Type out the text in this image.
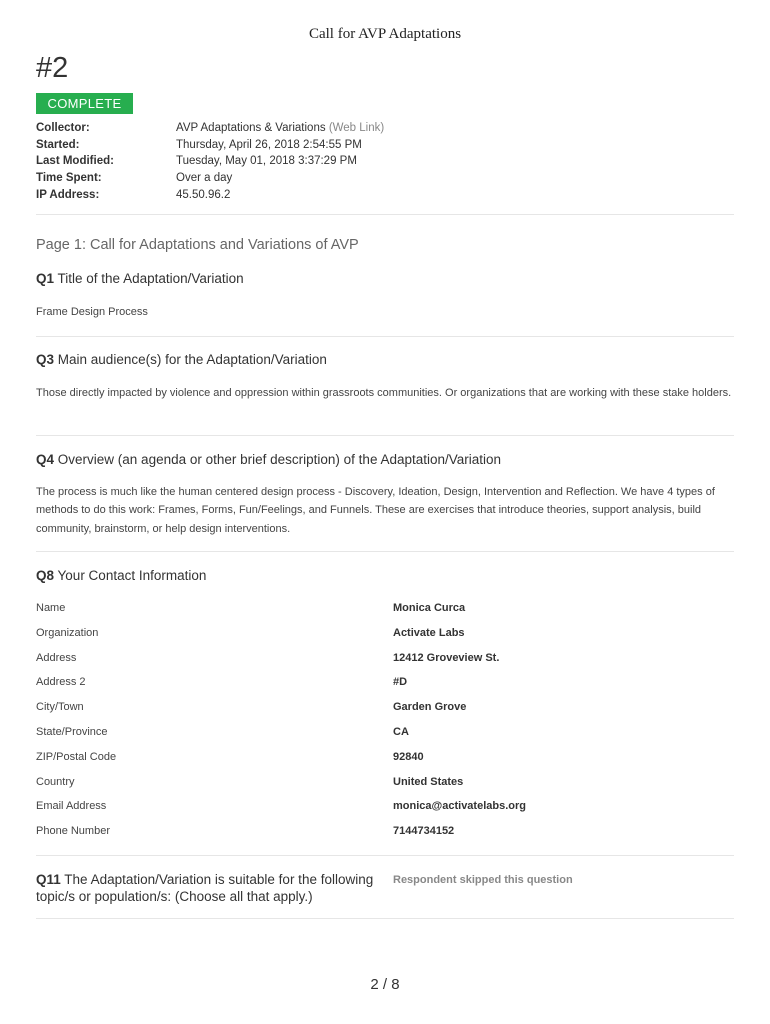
Call for AVP Adaptations
#2
COMPLETE
Collector:	AVP Adaptations & Variations (Web Link)
Started:	Thursday, April 26, 2018 2:54:55 PM
Last Modified:	Tuesday, May 01, 2018 3:37:29 PM
Time Spent:	Over a day
IP Address:	45.50.96.2
Page 1: Call for Adaptations and Variations of AVP
Q1 Title of the Adaptation/Variation
Frame Design Process
Q3 Main audience(s) for the Adaptation/Variation
Those directly impacted by violence and oppression within grassroots communities. Or organizations that are working with these stake holders.
Q4 Overview (an agenda or other brief description) of the Adaptation/Variation
The process is much like the human centered design process - Discovery, Ideation, Design, Intervention and Reflection. We have 4 types of methods to do this work: Frames, Forms, Fun/Feelings, and Funnels. These are exercises that introduce theories, support analysis, build community, brainstorm, or help design interventions.
Q8 Your Contact Information
Name	Monica Curca
Organization	Activate Labs
Address	12412 Groveview St.
Address 2	#D
City/Town	Garden Grove
State/Province	CA
ZIP/Postal Code	92840
Country	United States
Email Address	monica@activatelabs.org
Phone Number	7144734152
Q11 The Adaptation/Variation is suitable for the following topic/s or population/s: (Choose all that apply.)
Respondent skipped this question
2 / 8
